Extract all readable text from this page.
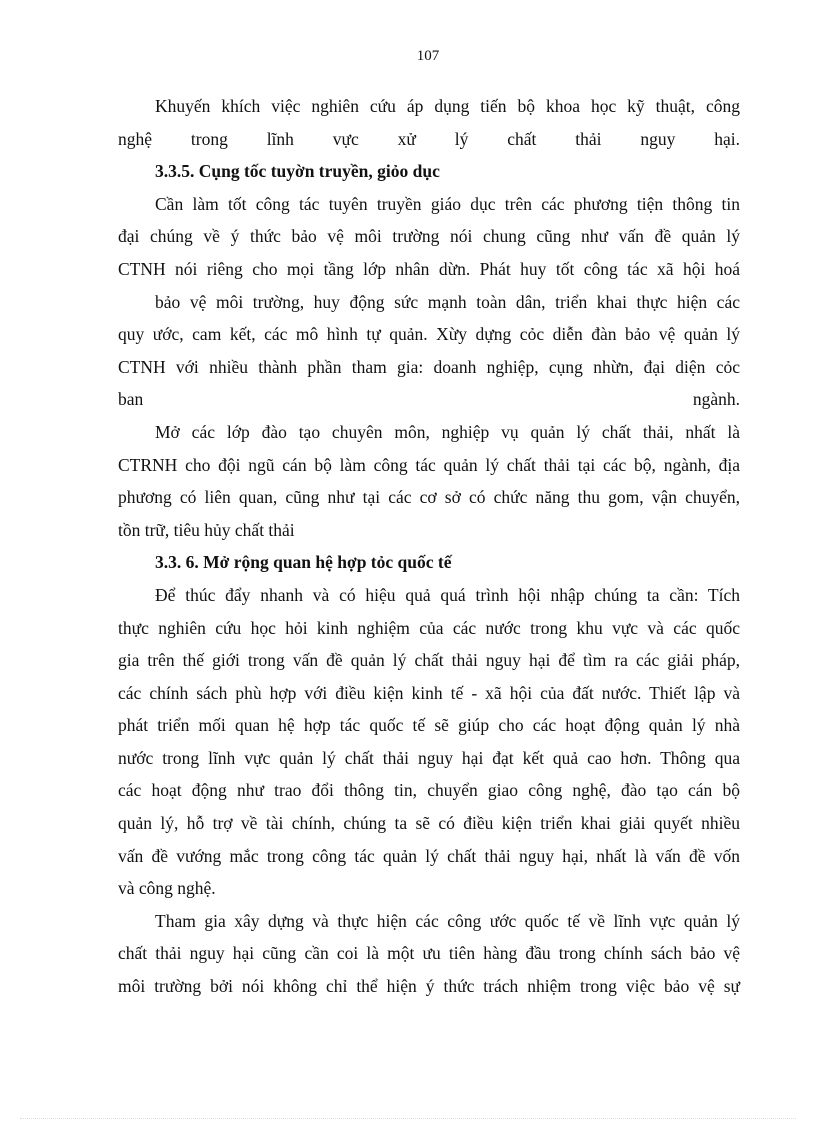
107
Khuyến khích việc nghiên cứu áp dụng tiến bộ khoa học kỹ thuật, công
nghệ trong lĩnh vực xử lý chất thải nguy hại.
3.3.5. Cụng tốc tuyờn truyền, giỏo dục
Cần làm tốt công tác tuyên truyền giáo dục trên các phương tiện thông tin
đại chúng về ý thức bảo vệ môi trường nói chung cũng như vấn đề quản lý
CTNH nói riêng cho mọi tầng lớp nhân dừn. Phát huy tốt công tác xã hội hoá
bảo vệ môi trường, huy động sức mạnh toàn dân, triển khai thực hiện các
quy ước, cam kết, các mô hình tự quản. Xừy dựng cỏc diễn đàn bảo vệ quản lý
CTNH với nhiều thành phần tham gia: doanh nghiệp, cụng nhừn, đại diện cỏc
ban	ngành.
Mở các lớp đào tạo chuyên môn, nghiệp vụ quản lý chất thải, nhất là
CTRNH cho đội ngũ cán bộ làm công tác quản lý chất thải tại các bộ, ngành, địa
phương có liên quan, cũng như tại các cơ sở có chức năng thu gom, vận chuyển,
tồn trữ, tiêu hủy chất thải
3.3. 6. Mở rộng quan hệ hợp tỏc quốc tế
Để thúc đẩy nhanh và có hiệu quả quá trình hội nhập chúng ta cần: Tích
thực nghiên cứu học hỏi kinh nghiệm của các nước trong khu vực và các quốc
gia trên thế giới trong vấn đề quản lý chất thải nguy hại để tìm ra các giải pháp,
các chính sách phù hợp với điều kiện kinh tế - xã hội của đất nước. Thiết lập và
phát triển mối quan hệ hợp tác quốc tế sẽ giúp cho các hoạt động quản lý nhà
nước trong lĩnh vực quản lý chất thải nguy hại đạt kết quả cao hơn. Thông qua
các hoạt động như trao đổi thông tin, chuyển giao công nghệ, đào tạo cán bộ
quản lý, hỗ trợ về tài chính, chúng ta sẽ có điều kiện triển khai giải quyết nhiều
vấn đề vướng mắc trong công tác quản lý chất thải nguy hại, nhất là vấn đề vốn
và công nghệ.
Tham gia xây dựng và thực hiện các công ước quốc tế về lĩnh vực quản lý
chất thải nguy hại cũng cần coi là một ưu tiên hàng đầu trong chính sách bảo vệ
môi trường bởi nói không chỉ thể hiện ý thức trách nhiệm trong việc bảo vệ sự
